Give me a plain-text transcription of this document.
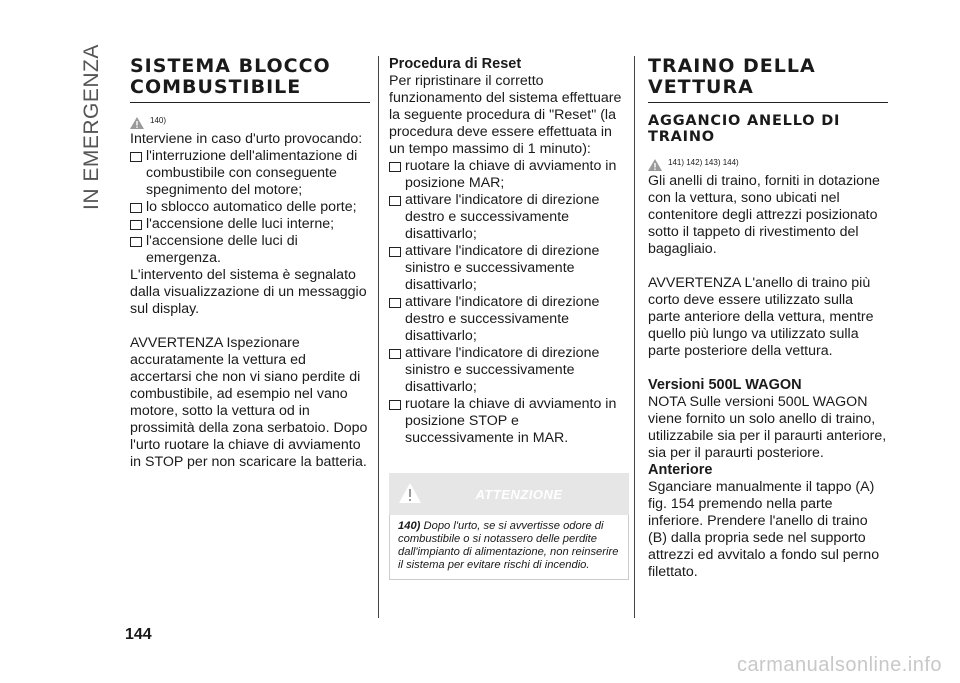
IN EMERGENZA SISTEMA BLOCCO
COMBUSTIBILE
140)

Interviene in caso d'urto provocando:

l'interruzione dell'alimentazione di combustibile con conseguente spegnimento del motore;
lo sblocco automatico delle porte;
l'accensione delle luci interne;
l'accensione delle luci di emergenza.

L'intervento del sistema è segnalato dalla visualizzazione di un messaggio sul display.

AVVERTENZA Ispezionare accuratamente la vettura ed accertarsi che non vi siano perdite di combustibile, ad esempio nel vano motore, sotto la vettura od in prossimità della zona serbatoio. Dopo l'urto ruotare la chiave di avviamento in STOP per non scaricare la batteria.

Procedura di Reset

Per ripristinare il corretto funzionamento del sistema effettuare la seguente procedura di "Reset" (la procedura deve essere effettuata in un tempo massimo di 1 minuto):

ruotare la chiave di avviamento in posizione MAR;
attivare l'indicatore di direzione destro e successivamente disattivarlo;
attivare l'indicatore di direzione sinistro e successivamente disattivarlo;
attivare l'indicatore di direzione destro e successivamente disattivarlo;
attivare l'indicatore di direzione sinistro e successivamente disattivarlo;
ruotare la chiave di avviamento in posizione STOP e successivamente in MAR.
ATTENZIONE
140) Dopo l'urto, se si avvertisse odore di combustibile o si notassero delle perdite dall'impianto di alimentazione, non reinserire il sistema per evitare rischi di incendio.
TRAINO DELLA
VETTURA
AGGANCIO ANELLO DI
TRAINO
141) 142) 143) 144)

Gli anelli di traino, forniti in dotazione con la vettura, sono ubicati nel contenitore degli attrezzi posizionato sotto il tappeto di rivestimento del bagagliaio.

AVVERTENZA L'anello di traino più corto deve essere utilizzato sulla parte anteriore della vettura, mentre quello più lungo va utilizzato sulla parte posteriore della vettura.

Versioni 500L WAGON

NOTA Sulle versioni 500L WAGON viene fornito un solo anello di traino, utilizzabile sia per il paraurti anteriore, sia per il paraurti posteriore.

Anteriore

Sganciare manualmente il tappo (A) fig. 154 premendo nella parte inferiore. Prendere l'anello di traino (B) dalla propria sede nel supporto attrezzi ed avvitalo a fondo sul perno filettato.

144
carmanualsonline.info
